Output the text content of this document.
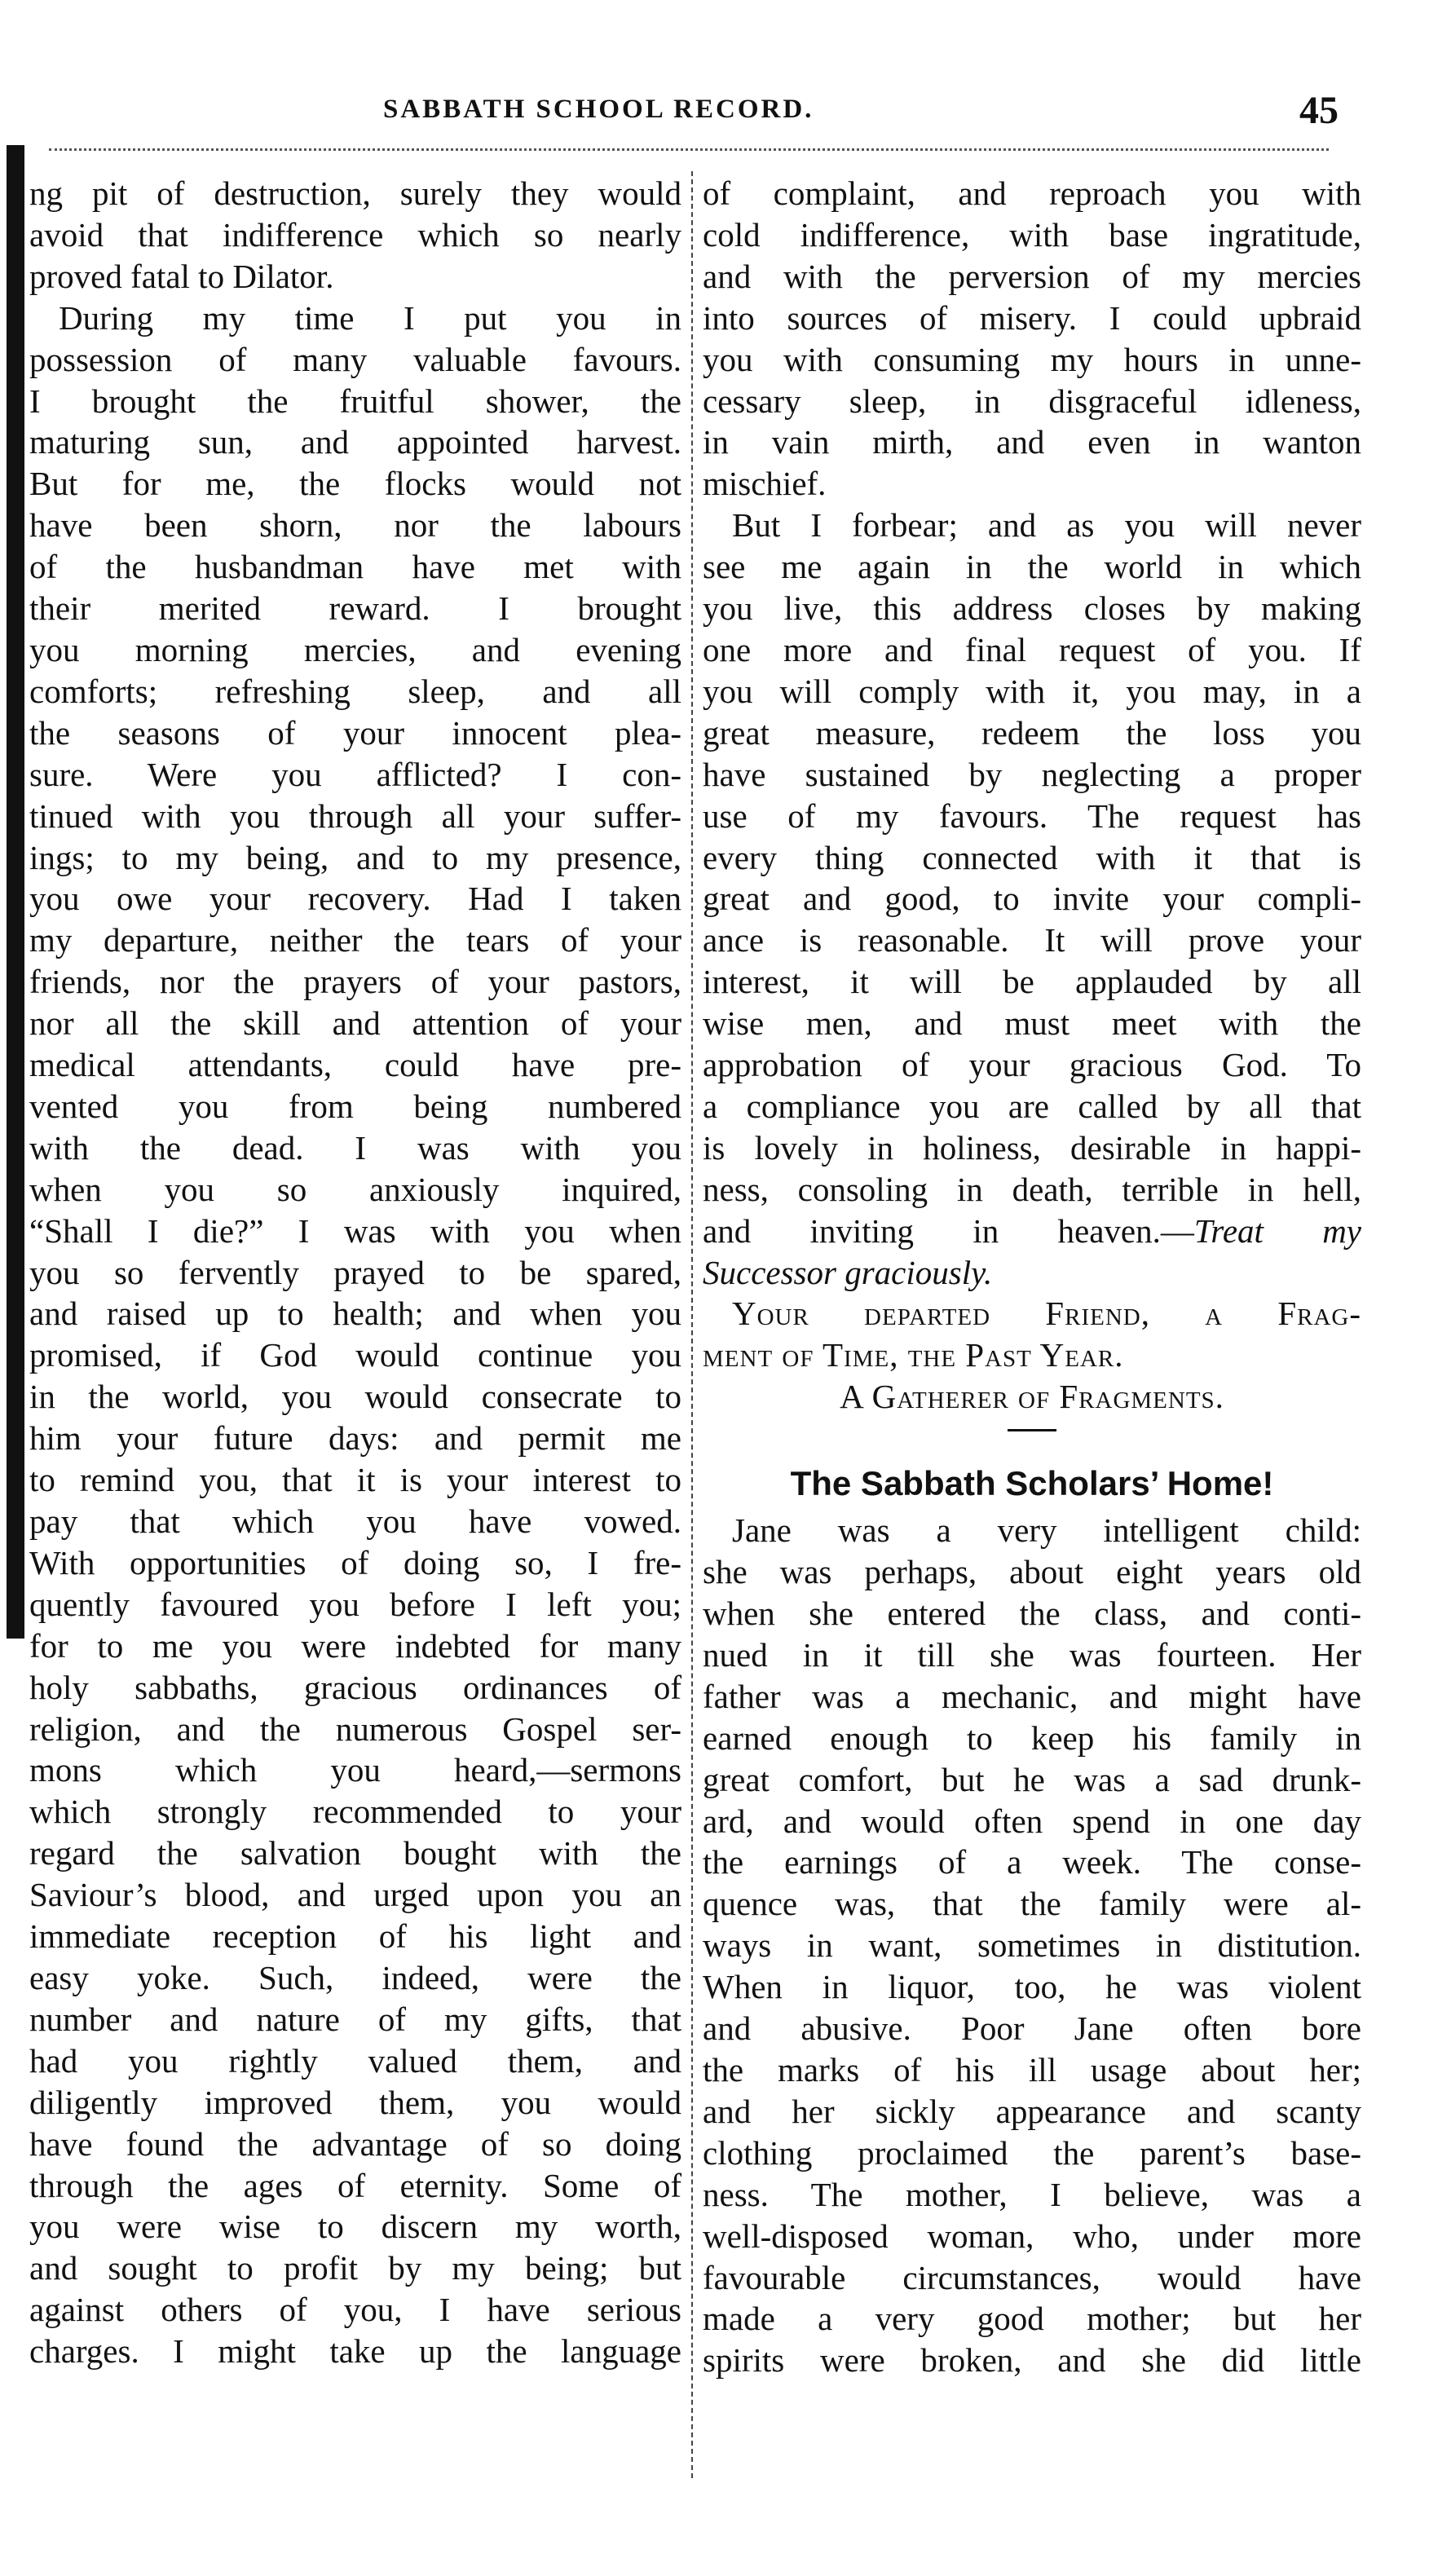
SABBATH SCHOOL RECORD.	45
ng pit of destruction, surely they would
avoid that indifference which so nearly
proved fatal to Dilator.
During my time I put you in
possession of many valuable favours.
I brought the fruitful shower, the
maturing sun, and appointed harvest.
But for me, the flocks would not
have been shorn, nor the labours
of the husbandman have met with
their merited reward. I brought
you morning mercies, and evening
comforts; refreshing sleep, and all
the seasons of your innocent plea-
sure. Were you afflicted? I con-
tinued with you through all your suffer-
ings; to my being, and to my presence,
you owe your recovery. Had I taken
my departure, neither the tears of your
friends, nor the prayers of your pastors,
nor all the skill and attention of your
medical attendants, could have pre-
vented you from being numbered
with the dead. I was with you
when you so anxiously inquired,
“Shall I die?” I was with you when
you so fervently prayed to be spared,
and raised up to health; and when you
promised, if God would continue you
in the world, you would consecrate to
him your future days: and permit me
to remind you, that it is your interest to
pay that which you have vowed.
With opportunities of doing so, I fre-
quently favoured you before I left you;
for to me you were indebted for many
holy sabbaths, gracious ordinances of
religion, and the numerous Gospel ser-
mons which you heard,—sermons
which strongly recommended to your
regard the salvation bought with the
Saviour’s blood, and urged upon you an
immediate reception of his light and
easy yoke. Such, indeed, were the
number and nature of my gifts, that
had you rightly valued them, and
diligently improved them, you would
have found the advantage of so doing
through the ages of eternity. Some of
you were wise to discern my worth,
and sought to profit by my being; but
against others of you, I have serious
charges. I might take up the language
of complaint, and reproach you with
cold indifference, with base ingratitude,
and with the perversion of my mercies
into sources of misery. I could upbraid
you with consuming my hours in unne-
cessary sleep, in disgraceful idleness,
in vain mirth, and even in wanton
mischief.
But I forbear; and as you will never
see me again in the world in which
you live, this address closes by making
one more and final request of you. If
you will comply with it, you may, in a
great measure, redeem the loss you
have sustained by neglecting a proper
use of my favours. The request has
every thing connected with it that is
great and good, to invite your compli-
ance is reasonable. It will prove your
interest, it will be applauded by all
wise men, and must meet with the
approbation of your gracious God. To
a compliance you are called by all that
is lovely in holiness, desirable in happi-
ness, consoling in death, terrible in hell,
and inviting in heaven.—Treat my
Successor graciously.
Your departed Friend, a Frag-
ment of Time, the Past Year.
A Gatherer of Fragments.
The Sabbath Scholars’ Home!
Jane was a very intelligent child:
she was perhaps, about eight years old
when she entered the class, and conti-
nued in it till she was fourteen. Her
father was a mechanic, and might have
earned enough to keep his family in
great comfort, but he was a sad drunk-
ard, and would often spend in one day
the earnings of a week. The conse-
quence was, that the family were al-
ways in want, sometimes in distitution.
When in liquor, too, he was violent
and abusive. Poor Jane often bore
the marks of his ill usage about her;
and her sickly appearance and scanty
clothing proclaimed the parent’s base-
ness. The mother, I believe, was a
well-disposed woman, who, under more
favourable circumstances, would have
made a very good mother; but her
spirits were broken, and she did little
